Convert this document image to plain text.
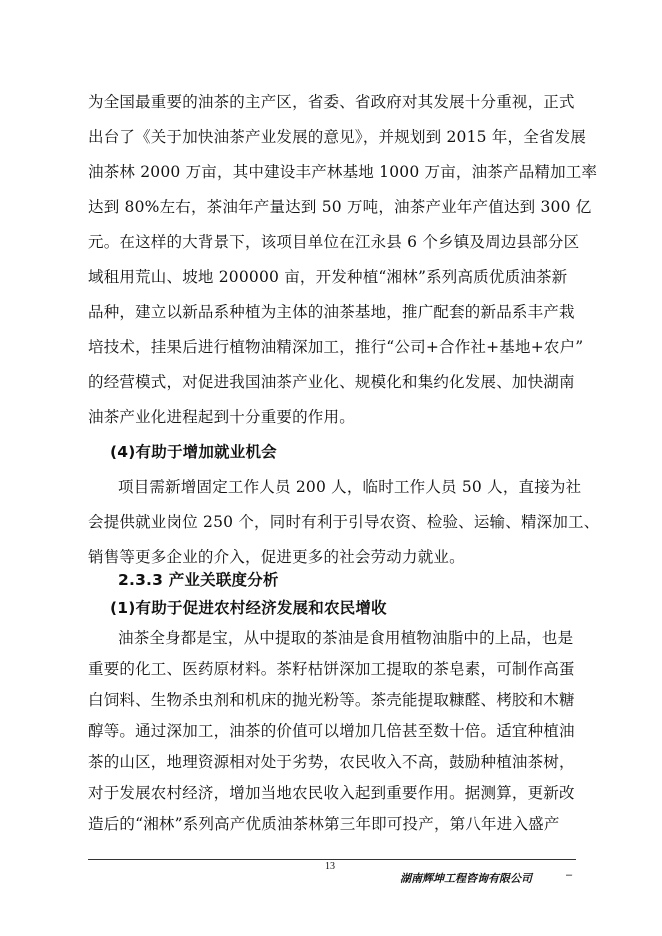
为全国最重要的油茶的主产区，省委、省政府对其发展十分重视，正式
出台了《关于加快油茶产业发展的意见》，并规划到 2015 年，全省发展
油茶林 2000 万亩，其中建设丰产林基地 1000 万亩，油茶产品精加工率
达到 80%左右，茶油年产量达到 50 万吨，油茶产业年产值达到 300 亿
元。在这样的大背景下，该项目单位在江永县 6 个乡镇及周边县部分区
域租用荒山、坡地 200000 亩，开发种植“湘林”系列高质优质油茶新
品种，建立以新品系种植为主体的油茶基地，推广配套的新品系丰产栽
培技术，挂果后进行植物油精深加工，推行“公司+合作社+基地+农户”
的经营模式，对促进我国油茶产业化、规模化和集约化发展、加快湖南
油茶产业化进程起到十分重要的作用。
(4)有助于增加就业机会
项目需新增固定工作人员 200 人，临时工作人员 50 人，直接为社
会提供就业岗位 250 个，同时有利于引导农资、检验、运输、精深加工、
销售等更多企业的介入，促进更多的社会劳动力就业。
2.3.3 产业关联度分析
(1)有助于促进农村经济发展和农民增收
油茶全身都是宝，从中提取的茶油是食用植物油脂中的上品，也是
重要的化工、医药原材料。茶籽枯饼深加工提取的茶皂素，可制作高蛋
白饲料、生物杀虫剂和机床的抛光粉等。茶壳能提取糠醛、栲胶和木糖
醇等。通过深加工，油茶的价值可以增加几倍甚至数十倍。适宜种植油
茶的山区，地理资源相对处于劣势，农民收入不高，鼓励种植油茶树，
对于发展农村经济，增加当地农民收入起到重要作用。据测算，更新改
造后的“湘林”系列高产优质油茶林第三年即可投产，第八年进入盛产
13
湖南辉坤工程咨询有限公司	–
